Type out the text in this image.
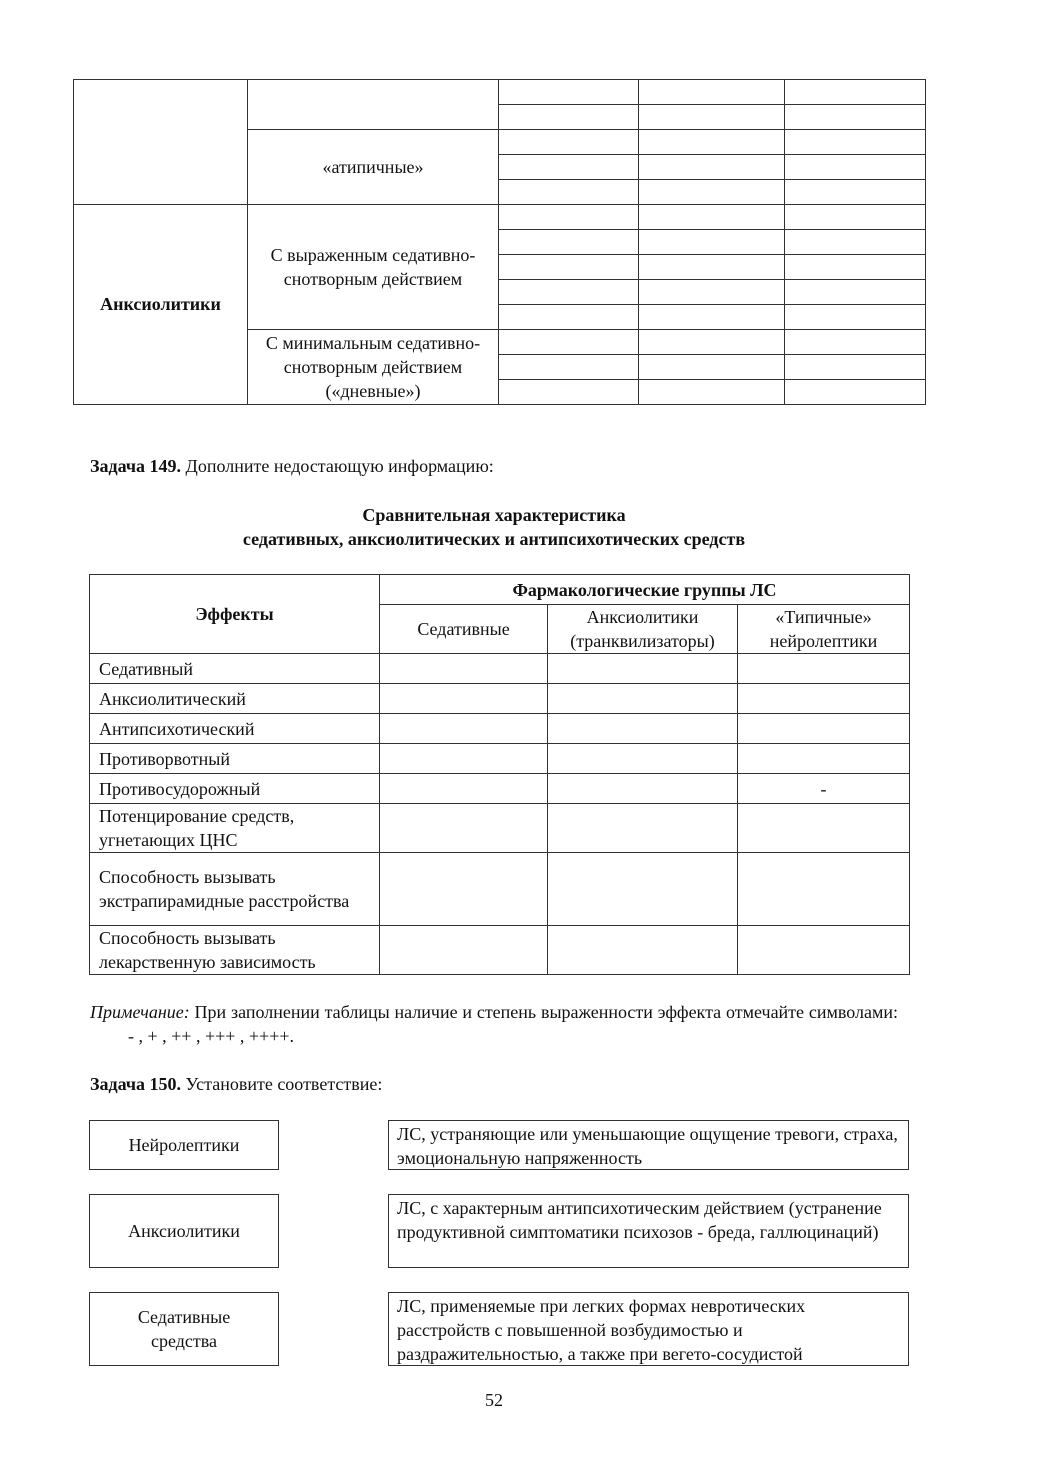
	«атипичные»			

Анксиолитики	С выраженным седативно-снотворным действием			

	С минимальным седативно-снотворным действием («дневные»)			

Задача 149. Дополните недостающую информацию:
Сравнительная характеристика
седативных, анксиолитических и антипсихотических средств
Эффекты	Фармакологические группы ЛС		
	Седативные	Анксиолитики (транквилизаторы)	«Типичные» нейролептики
Седативный			
Анксиолитический			
Антипсихотический			
Противорвотный			
Противосудорожный			-
Потенцирование средств, угнетающих ЦНС			
Способность вызывать экстрапирамидные расстройства			
Способность вызывать лекарственную зависимость			
Примечание: При заполнении таблицы наличие и степень выраженности эффекта отмечайте символами: - , + , ++ , +++ , ++++.
Задача 150. Установите соответствие:
Нейролептики
ЛС, устраняющие или уменьшающие ощущение тревоги, страха, эмоциональную напряженность
Анксиолитики
ЛС, с характерным антипсихотическим действием (устранение продуктивной симптоматики психозов - бреда, галлюцинаций)
Седативные средства
ЛС, применяемые при легких формах невротических расстройств с повышенной возбудимостью и раздражительностью, а также при вегето-сосудистой
52
